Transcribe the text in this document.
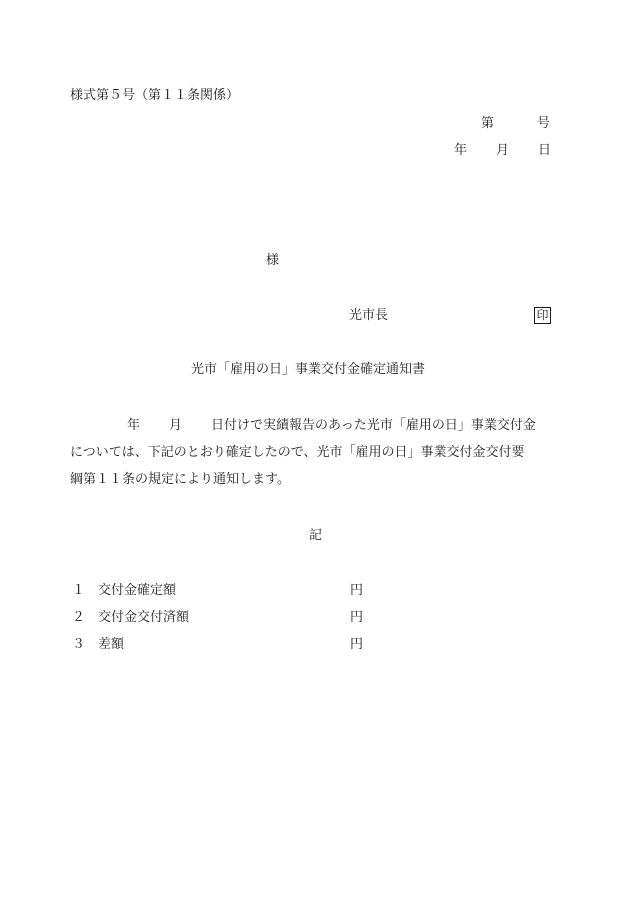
様式第５号（第１１条関係）
第	号
年 月 日
様
光市長	印
光市「雇用の日」事業交付金確定通知書
年 月 日付けで実績報告のあった光市「雇用の日」事業交付金
については、下記のとおり確定したので、光市「雇用の日」事業交付金交付要
綱第１１条の規定により通知します。
記
１ 交付金確定額	円
２ 交付金交付済額	円
３ 差額	円
